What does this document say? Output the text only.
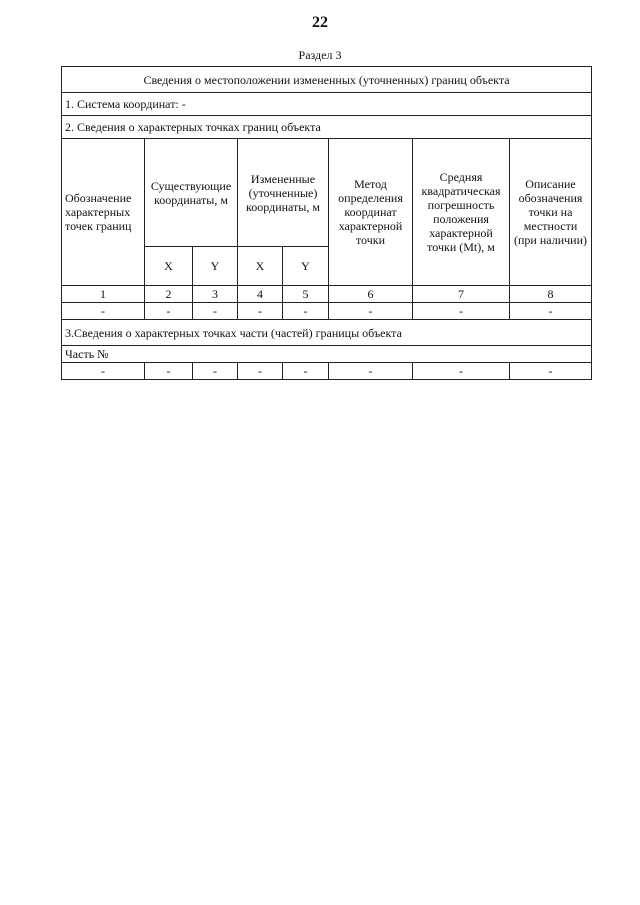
22
Раздел 3
Сведения о местоположении измененных (уточненных) границ объекта							
1. Система координат: -							
2. Сведения о характерных точках границ объекта							
Обозначение характерных точек границ	Существующие координаты, м		Измененные (уточненные) координаты, м		Метод определения координат характерной точки	Средняя квадратическая погрешность положения характерной точки (Mt), м	Описание обозначения точки на местности (при наличии)
	X	Y	X	Y			
1	2	3	4	5	6	7	8
-	-	-	-	-	-	-	-
3.Сведения о характерных точках части (частей) границы объекта							
Часть №							
-	-	-	-	-	-	-	-
